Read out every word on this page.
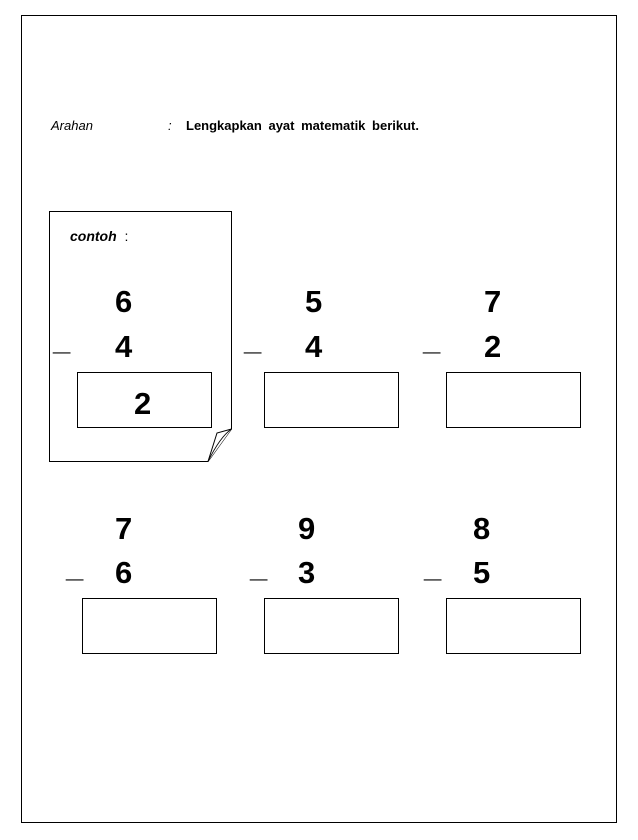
Arahan	: Lengkapkan ayat matematik berikut.
contoh :
6
_ 4
2
5
_ 4
7
_ 2
7
_ 6
9
_ 3
8
_ 5
